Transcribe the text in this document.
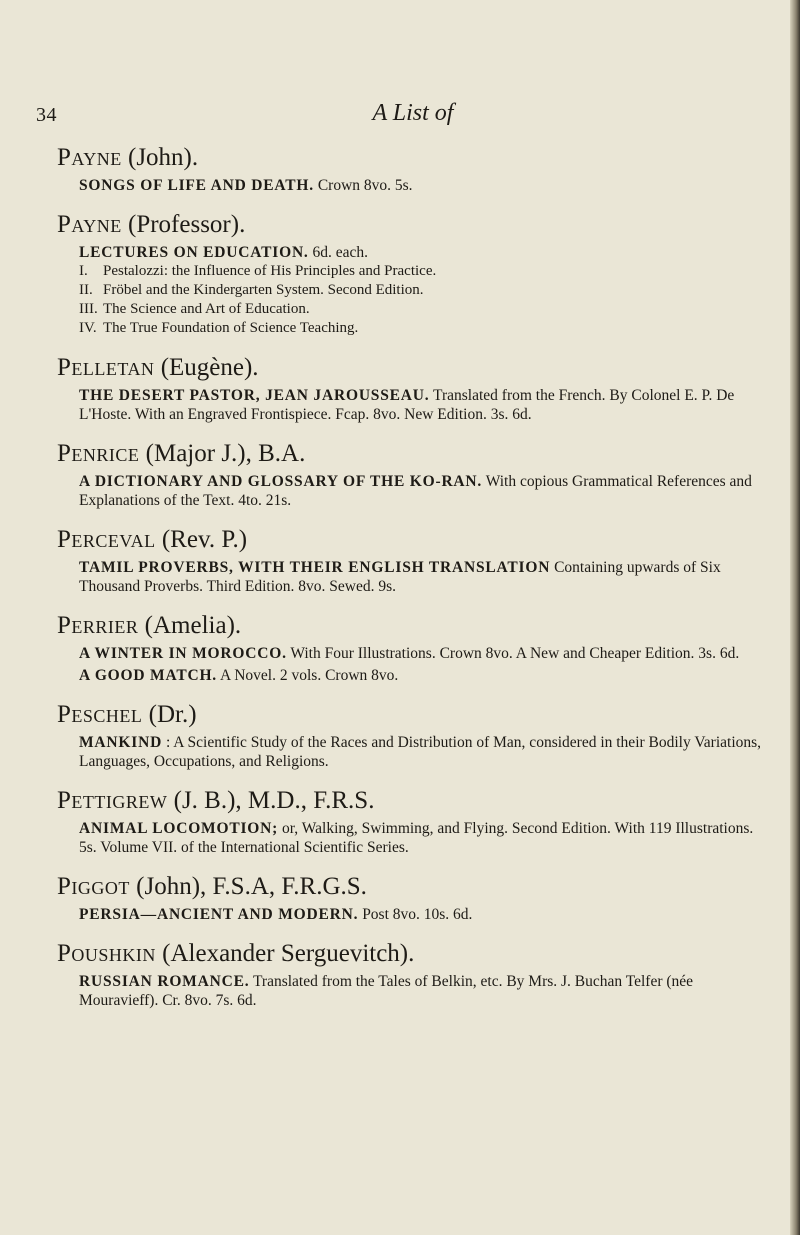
34	A List of
Payne (John).
SONGS OF LIFE AND DEATH. Crown 8vo. 5s.
Payne (Professor).
LECTURES ON EDUCATION. 6d. each.
I. Pestalozzi: the Influence of His Principles and Practice.
II. Fröbel and the Kindergarten System. Second Edition.
III. The Science and Art of Education.
IV. The True Foundation of Science Teaching.
Pelletan (Eugène).
THE DESERT PASTOR, JEAN JAROUSSEAU. Translated from the French. By Colonel E. P. De L'Hoste. With an Engraved Frontispiece. Fcap. 8vo. New Edition. 3s. 6d.
Penrice (Major J.), B.A.
A DICTIONARY AND GLOSSARY OF THE KO-RAN. With copious Grammatical References and Explanations of the Text. 4to. 21s.
Perceval (Rev. P.)
TAMIL PROVERBS, WITH THEIR ENGLISH TRANSLATION Containing upwards of Six Thousand Proverbs. Third Edition. 8vo. Sewed. 9s.
Perrier (Amelia).
A WINTER IN MOROCCO. With Four Illustrations. Crown 8vo. A New and Cheaper Edition. 3s. 6d.
A GOOD MATCH. A Novel. 2 vols. Crown 8vo.
Peschel (Dr.)
MANKIND : A Scientific Study of the Races and Distribution of Man, considered in their Bodily Variations, Languages, Occupations, and Religions.
Pettigrew (J. B.), M.D., F.R.S.
ANIMAL LOCOMOTION; or, Walking, Swimming, and Flying. Second Edition. With 119 Illustrations. 5s. Volume VII. of the International Scientific Series.
Piggot (John), F.S.A, F.R.G.S.
PERSIA—ANCIENT AND MODERN. Post 8vo. 10s. 6d.
Poushkin (Alexander Serguevitch).
RUSSIAN ROMANCE. Translated from the Tales of Belkin, etc. By Mrs. J. Buchan Telfer (née Mouravieff). Cr. 8vo. 7s. 6d.
